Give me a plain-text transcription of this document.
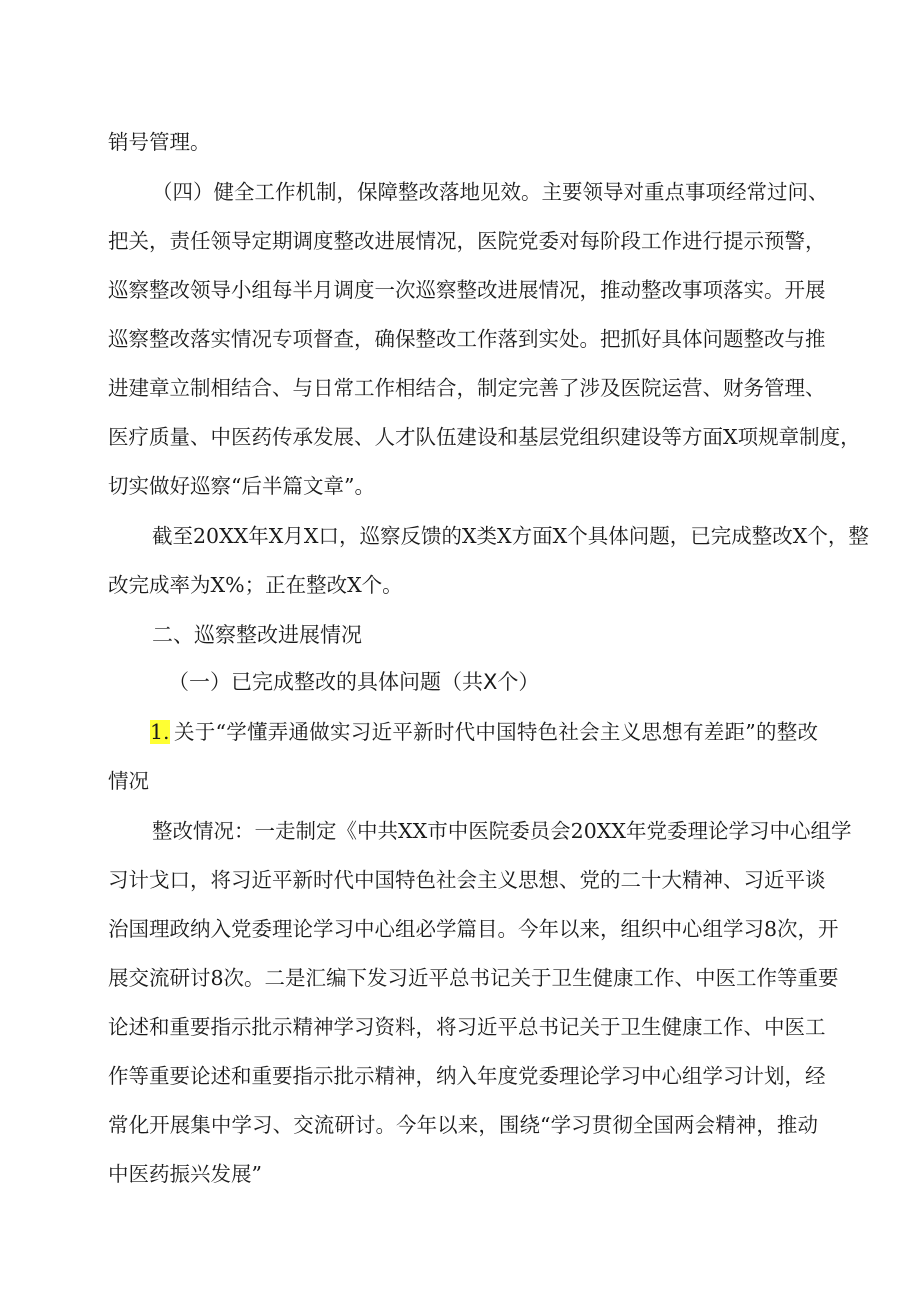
销号管理。
（四）健全工作机制，保障整改落地见效。主要领导对重点事项经常过问、
把关，责任领导定期调度整改进展情况，医院党委对每阶段工作进行提示预警，
巡察整改领导小组每半月调度一次巡察整改进展情况，推动整改事项落实。开展
巡察整改落实情况专项督查，确保整改工作落到实处。把抓好具体问题整改与推
进建章立制相结合、与日常工作相结合，制定完善了涉及医院运营、财务管理、
医疗质量、中医药传承发展、人才队伍建设和基层党组织建设等方面X项规章制度，
切实做好巡察“后半篇文章”。
截至20XX年X月X口，巡察反馈的X类X方面X个具体问题，已完成整改X个，整
改完成率为X%；正在整改X个。
二、巡察整改进展情况
（一）已完成整改的具体问题（共X个）
1. 关于“学懂弄通做实习近平新时代中国特色社会主义思想有差距”的整改
情况
整改情况：一走制定《中共XX市中医院委员会20XX年党委理论学习中心组学
习计戈口，将习近平新时代中国特色社会主义思想、党的二十大精神、习近平谈
治国理政纳入党委理论学习中心组必学篇目。今年以来，组织中心组学习8次，开
展交流研讨8次。二是汇编下发习近平总书记关于卫生健康工作、中医工作等重要
论述和重要指示批示精神学习资料，将习近平总书记关于卫生健康工作、中医工
作等重要论述和重要指示批示精神，纳入年度党委理论学习中心组学习计划，经
常化开展集中学习、交流研讨。今年以来，围绕“学习贯彻全国两会精神，推动
中医药振兴发展”
